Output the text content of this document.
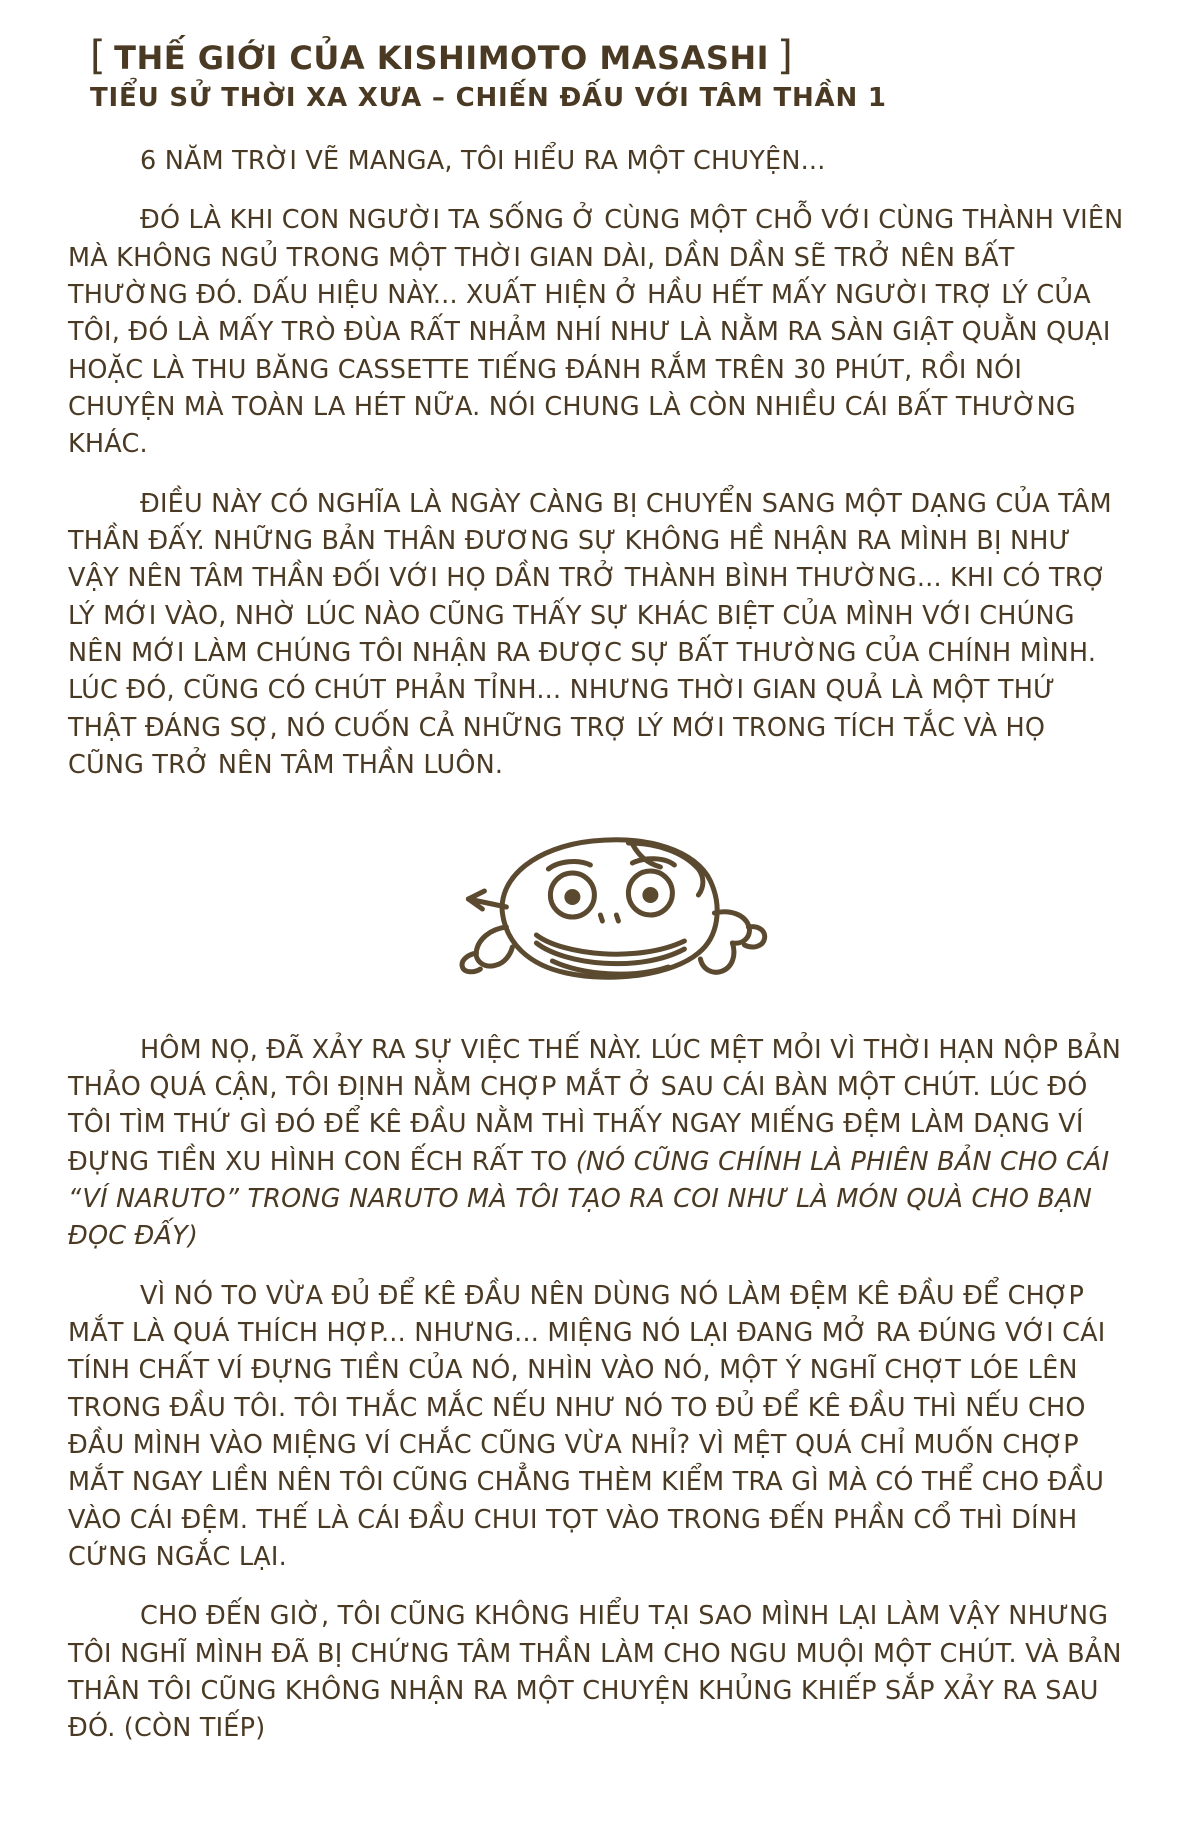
[ THẾ GIỚI CỦA KISHIMOTO MASASHI ]
TIỂU SỬ THỜI XA XƯA – CHIẾN ĐẤU VỚI TÂM THẦN 1

6 NĂM TRỜI VẼ MANGA, TÔI HIỂU RA MỘT CHUYỆN...

ĐÓ LÀ KHI CON NGƯỜI TA SỐNG Ở CÙNG MỘT CHỖ VỚI CÙNG THÀNH VIÊN MÀ KHÔNG NGỦ TRONG MỘT THỜI GIAN DÀI, DẦN DẦN SẼ TRỞ NÊN BẤT THƯỜNG ĐÓ. DẤU HIỆU NÀY... XUẤT HIỆN Ở HẦU HẾT MẤY NGƯỜI TRỢ LÝ CỦA TÔI, ĐÓ LÀ MẤY TRÒ ĐÙA RẤT NHẢM NHÍ NHƯ LÀ NẰM RA SÀN GIẬT QUẰN QUẠI HOẶC LÀ THU BĂNG CASSETTE TIẾNG ĐÁNH RẮM TRÊN 30 PHÚT, RỒI NÓI CHUYỆN MÀ TOÀN LA HÉT NỮA. NÓI CHUNG LÀ CÒN NHIỀU CÁI BẤT THƯỜNG KHÁC.

ĐIỀU NÀY CÓ NGHĨA LÀ NGÀY CÀNG BỊ CHUYỂN SANG MỘT DẠNG CỦA TÂM THẦN ĐẤY. NHỮNG BẢN THÂN ĐƯƠNG SỰ KHÔNG HỀ NHẬN RA MÌNH BỊ NHƯ VẬY NÊN TÂM THẦN ĐỐI VỚI HỌ DẦN TRỞ THÀNH BÌNH THƯỜNG... KHI CÓ TRỢ LÝ MỚI VÀO, NHỜ LÚC NÀO CŨNG THẤY SỰ KHÁC BIỆT CỦA MÌNH VỚI CHÚNG NÊN MỚI LÀM CHÚNG TÔI NHẬN RA ĐƯỢC SỰ BẤT THƯỜNG CỦA CHÍNH MÌNH. LÚC ĐÓ, CŨNG CÓ CHÚT PHẢN TỈNH... NHƯNG THỜI GIAN QUẢ LÀ MỘT THỨ THẬT ĐÁNG SỢ, NÓ CUỐN CẢ NHỮNG TRỢ LÝ MỚI TRONG TÍCH TẮC VÀ HỌ CŨNG TRỞ NÊN TÂM THẦN LUÔN.

HÔM NỌ, ĐÃ XẢY RA SỰ VIỆC THẾ NÀY. LÚC MỆT MỎI VÌ THỜI HẠN NỘP BẢN THẢO QUÁ CẬN, TÔI ĐỊNH NẰM CHỢP MẮT Ở SAU CÁI BÀN MỘT CHÚT. LÚC ĐÓ TÔI TÌM THỨ GÌ ĐÓ ĐỂ KÊ ĐẦU NẰM THÌ THẤY NGAY MIẾNG ĐỆM LÀM DẠNG VÍ ĐỰNG TIỀN XU HÌNH CON ẾCH RẤT TO (NÓ CŨNG CHÍNH LÀ PHIÊN BẢN CHO CÁI “VÍ NARUTO” TRONG NARUTO MÀ TÔI TẠO RA COI NHƯ LÀ MÓN QUÀ CHO BẠN ĐỌC ĐẤY)

VÌ NÓ TO VỪA ĐỦ ĐỂ KÊ ĐẦU NÊN DÙNG NÓ LÀM ĐỆM KÊ ĐẦU ĐỂ CHỢP MẮT LÀ QUÁ THÍCH HỢP... NHƯNG... MIỆNG NÓ LẠI ĐANG MỞ RA ĐÚNG VỚI CÁI TÍNH CHẤT VÍ ĐỰNG TIỀN CỦA NÓ, NHÌN VÀO NÓ, MỘT Ý NGHĨ CHỢT LÓE LÊN TRONG ĐẦU TÔI. TÔI THẮC MẮC NẾU NHƯ NÓ TO ĐỦ ĐỂ KÊ ĐẦU THÌ NẾU CHO ĐẦU MÌNH VÀO MIỆNG VÍ CHẮC CŨNG VỪA NHỈ? VÌ MỆT QUÁ CHỈ MUỐN CHỢP MẮT NGAY LIỀN NÊN TÔI CŨNG CHẲNG THÈM KIỂM TRA GÌ MÀ CÓ THỂ CHO ĐẦU VÀO CÁI ĐỆM. THẾ LÀ CÁI ĐẦU CHUI TỌT VÀO TRONG ĐẾN PHẦN CỔ THÌ DÍNH CỨNG NGẮC LẠI.

CHO ĐẾN GIỜ, TÔI CŨNG KHÔNG HIỂU TẠI SAO MÌNH LẠI LÀM VẬY NHƯNG TÔI NGHĨ MÌNH ĐÃ BỊ CHỨNG TÂM THẦN LÀM CHO NGU MUỘI MỘT CHÚT. VÀ BẢN THÂN TÔI CŨNG KHÔNG NHẬN RA MỘT CHUYỆN KHỦNG KHIẾP SẮP XẢY RA SAU ĐÓ. (CÒN TIẾP)
